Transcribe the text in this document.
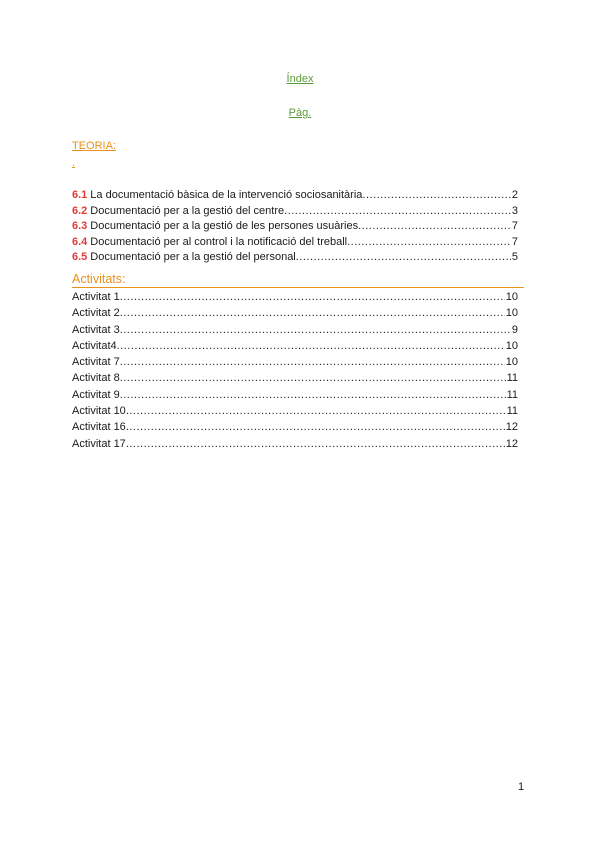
Índex
Pàg.
TEORIA:
.
6.1 La documentació bàsica de la intervenció sociosanitària .....	2
6.2 Documentació per a la gestió del centre .....	3
6.3 Documentació per a la gestió de les persones usuàries .....	7
6.4 Documentació per al control i la notificació del treball .....	7
6.5 Documentació per a la gestió del personal .....	5
Activitats:
Activitat 1 .....	10
Activitat 2 .....	10
Activitat 3 .....	9
Activitat4 .....	10
Activitat 7 .....	10
Activitat 8 .....	11
Activitat 9 .....	11
Activitat 10 .....	11
Activitat 16 .....	12
Activitat 17 .....	12
1
